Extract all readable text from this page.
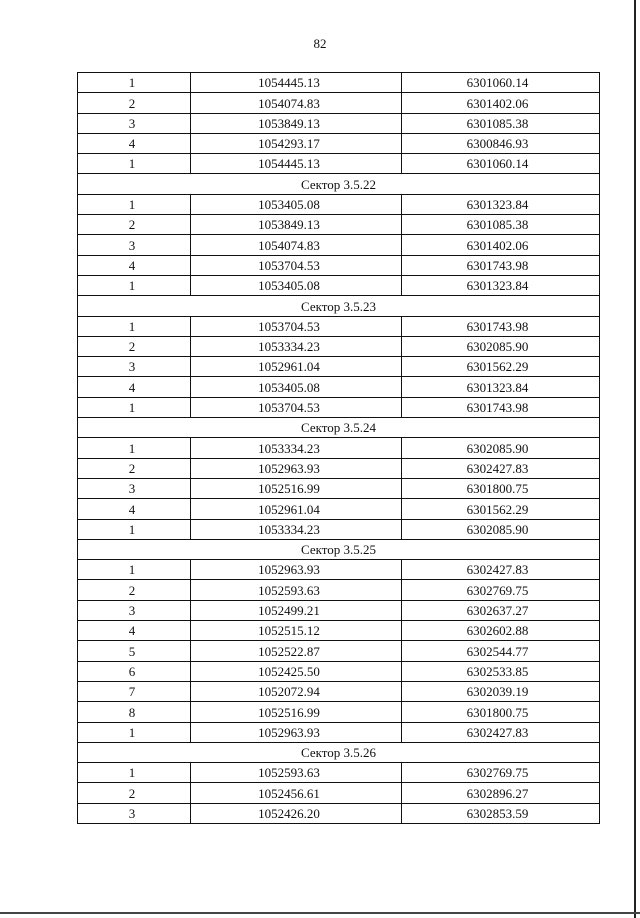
82
1	1054445.13	6301060.14
2	1054074.83	6301402.06
3	1053849.13	6301085.38
4	1054293.17	6300846.93
1	1054445.13	6301060.14
Сектор 3.5.22		
1	1053405.08	6301323.84
2	1053849.13	6301085.38
3	1054074.83	6301402.06
4	1053704.53	6301743.98
1	1053405.08	6301323.84
Сектор 3.5.23		
1	1053704.53	6301743.98
2	1053334.23	6302085.90
3	1052961.04	6301562.29
4	1053405.08	6301323.84
1	1053704.53	6301743.98
Сектор 3.5.24		
1	1053334.23	6302085.90
2	1052963.93	6302427.83
3	1052516.99	6301800.75
4	1052961.04	6301562.29
1	1053334.23	6302085.90
Сектор 3.5.25		
1	1052963.93	6302427.83
2	1052593.63	6302769.75
3	1052499.21	6302637.27
4	1052515.12	6302602.88
5	1052522.87	6302544.77
6	1052425.50	6302533.85
7	1052072.94	6302039.19
8	1052516.99	6301800.75
1	1052963.93	6302427.83
Сектор 3.5.26		
1	1052593.63	6302769.75
2	1052456.61	6302896.27
3	1052426.20	6302853.59
